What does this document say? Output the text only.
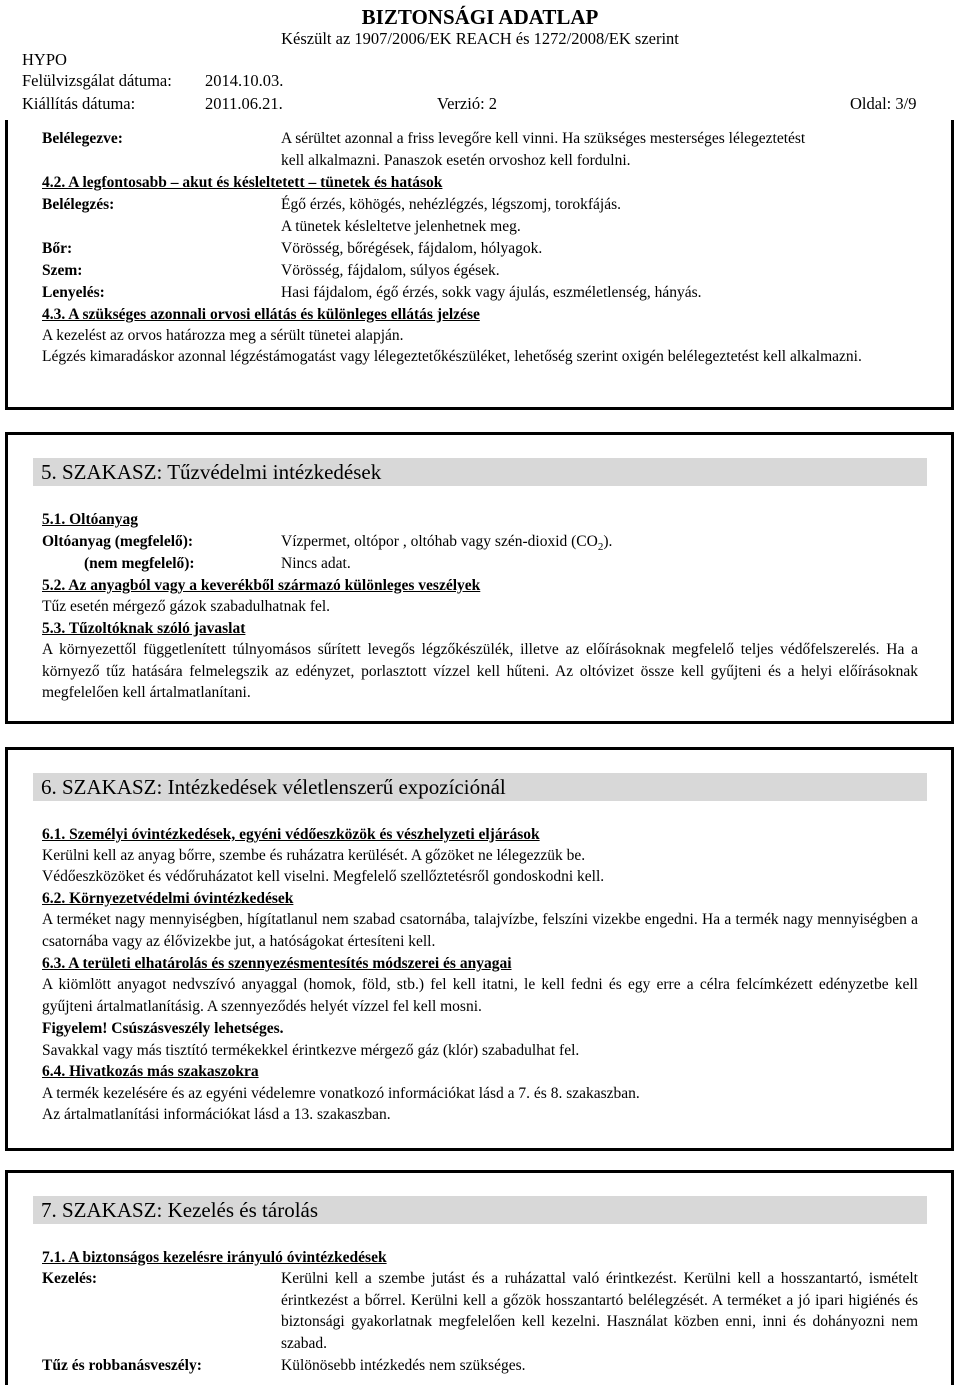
BIZTONSÁGI ADATLAP
Készült az 1907/2006/EK REACH és 1272/2008/EK szerint
HYPO
Felülvizsgálat dátuma: 2014.10.03.
Kiállítás dátuma:	2011.06.21.	Verzió: 2	Oldal: 3/9
Belélegezve:	A sérültet azonnal a friss levegőre kell vinni. Ha szükséges mesterséges lélegeztetést
kell alkalmazni. Panaszok esetén orvoshoz kell fordulni.
4.2. A legfontosabb – akut és késleltetett – tünetek és hatások
Belélegzés:	Égő érzés, köhögés, nehézlégzés, légszomj, torokfájás.
A tünetek késleltetve jelenhetnek meg.
Bőr:	Vörösség, bőrégések, fájdalom, hólyagok.
Szem:	Vörösség, fájdalom, súlyos égések.
Lenyelés:	Hasi fájdalom, égő érzés, sokk vagy ájulás, eszméletlenség, hányás.
4.3. A szükséges azonnali orvosi ellátás és különleges ellátás jelzése
A kezelést az orvos határozza meg a sérült tünetei alapján.
Légzés kimaradáskor azonnal légzéstámogatást vagy lélegeztetőkészüléket, lehetőség szerint oxigén belélegeztetést kell alkalmazni.
5. SZAKASZ: Tűzvédelmi intézkedések
5.1. Oltóanyag
Oltóanyag (megfelelő):	Vízpermet, oltópor , oltóhab vagy szén-dioxid $(CO_2)$.
(nem megfelelő):	Nincs adat.
5.2. Az anyagból vagy a keverékből származó különleges veszélyek
Tűz esetén mérgező gázok szabadulhatnak fel.
5.3. Tűzoltóknak szóló javaslat
A környezettől függetlenített túlnyomásos sűrített levegős légzőkészülék, illetve az előírásoknak megfelelő teljes védőfelszerelés. Ha a környező tűz hatására felmelegszik az edényzet, porlasztott vízzel kell hűteni. Az oltóvizet össze kell gyűjteni és a helyi előírásoknak megfelelően kell ártalmatlanítani.
6. SZAKASZ: Intézkedések véletlenszerű expozíciónál
6.1. Személyi óvintézkedések, egyéni védőeszközök és vészhelyzeti eljárások
Kerülni kell az anyag bőrre, szembe és ruházatra kerülését. A gőzöket ne lélegezzük be.
Védőeszközöket és védőruházatot kell viselni. Megfelelő szellőztetésről gondoskodni kell.
6.2. Környezetvédelmi óvintézkedések
A terméket nagy mennyiségben, hígítatlanul nem szabad csatornába, talajvízbe, felszíni vizekbe engedni. Ha a termék nagy mennyiségben a csatornába vagy az élővizekbe jut, a hatóságokat értesíteni kell.
6.3. A területi elhatárolás és szennyezésmentesítés módszerei és anyagai
A kiömlött anyagot nedvszívó anyaggal (homok, föld, stb.) fel kell itatni, le kell fedni és egy erre a célra felcímkézett edényzetbe kell gyűjteni ártalmatlanításig. A szennyeződés helyét vízzel fel kell mosni.
Figyelem! Csúszásveszély lehetséges.
Savakkal vagy más tisztító termékekkel érintkezve mérgező gáz (klór) szabadulhat fel.
6.4. Hivatkozás más szakaszokra
A termék kezelésére és az egyéni védelemre vonatkozó információkat lásd a 7. és 8. szakaszban.
Az ártalmatlanítási információkat lásd a 13. szakaszban.
7. SZAKASZ: Kezelés és tárolás
7.1. A biztonságos kezelésre irányuló óvintézkedések
Kezelés:	Kerülni kell a szembe jutást és a ruházattal való érintkezést. Kerülni kell a hosszantartó, ismételt érintkezést a bőrrel. Kerülni kell a gőzök hosszantartó belélegzését. A terméket a jó ipari higiénés és biztonsági gyakorlatnak megfelelően kell kezelni. Használat közben enni, inni és dohányozni nem szabad.
Tűz és robbanásveszély:	Különösebb intézkedés nem szükséges.
